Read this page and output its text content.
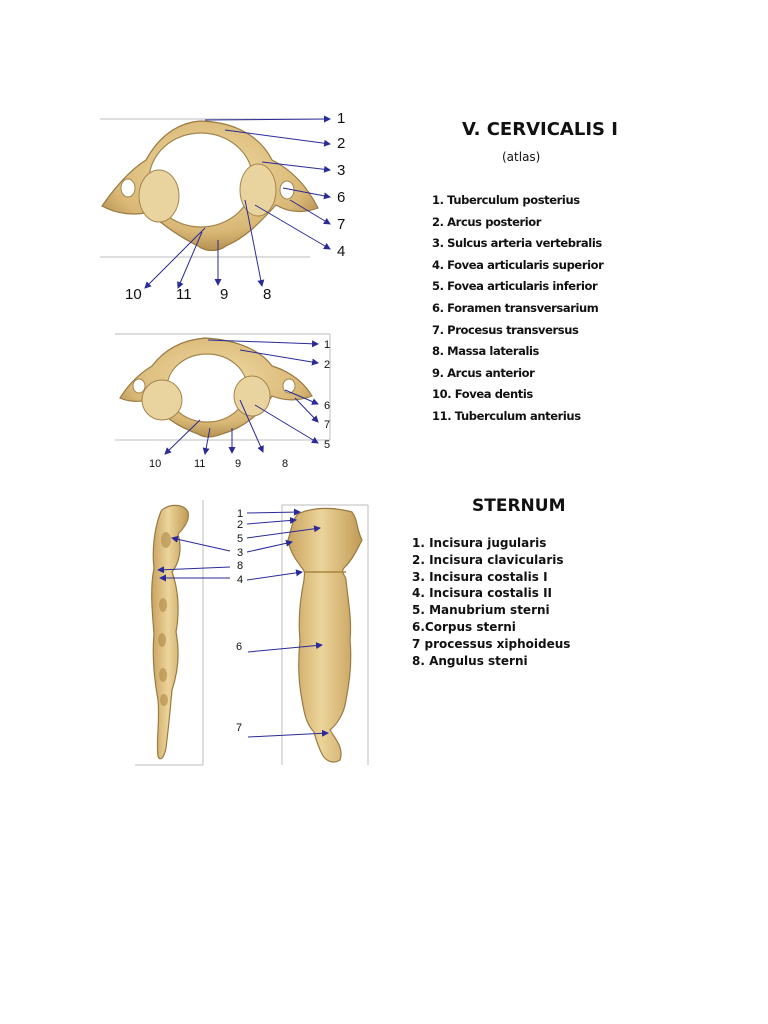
1
2
3
6
7
4
10 11 9 8
1
2
6
7
5
10	11	9	8
1
2
5
3
8
4
6
7
V. CERVICALIS I
(atlas)
1. Tuberculum posterius
2. Arcus posterior
3. Sulcus arteria vertebralis
4. Fovea articularis superior
5. Fovea articularis inferior
6. Foramen transversarium
7. Procesus transversus
8. Massa lateralis
9. Arcus anterior
10. Fovea dentis
11. Tuberculum anterius
STERNUM
1. Incisura jugularis
2. Incisura clavicularis
3. Incisura costalis I
4. Incisura costalis II
5. Manubrium sterni
6.Corpus sterni
7 processus xiphoideus
8. Angulus sterni
